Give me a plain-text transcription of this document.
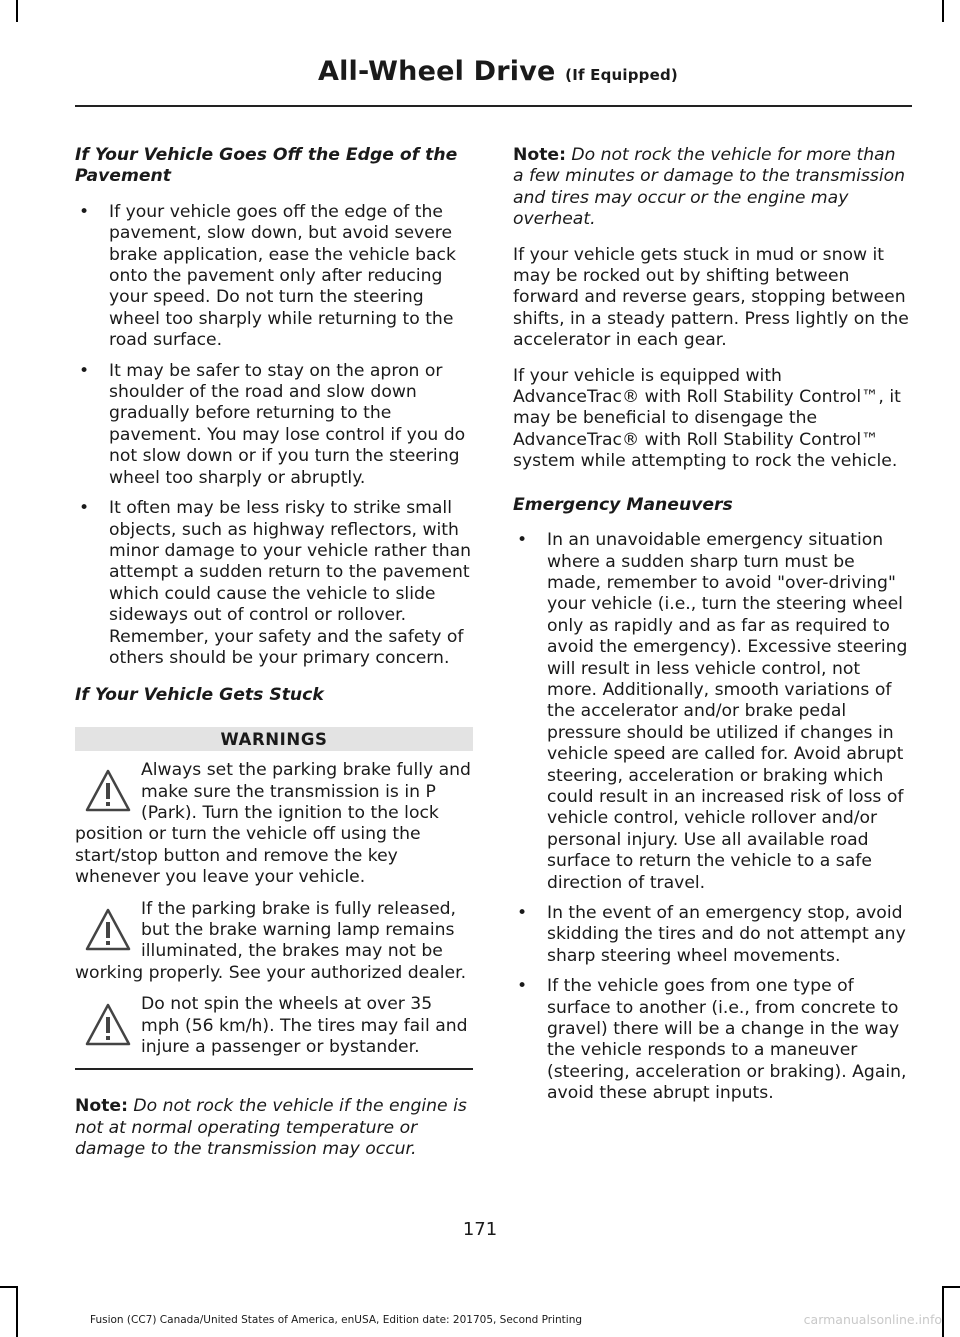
All-Wheel Drive (If Equipped)
If Your Vehicle Goes Off the Edge of the Pavement
• If your vehicle goes off the edge of the pavement, slow down, but avoid severe brake application, ease the vehicle back onto the pavement only after reducing your speed. Do not turn the steering wheel too sharply while returning to the road surface.
• It may be safer to stay on the apron or shoulder of the road and slow down gradually before returning to the pavement. You may lose control if you do not slow down or if you turn the steering wheel too sharply or abruptly.
• It often may be less risky to strike small objects, such as highway reflectors, with minor damage to your vehicle rather than attempt a sudden return to the pavement which could cause the vehicle to slide sideways out of control or rollover. Remember, your safety and the safety of others should be your primary concern.
If Your Vehicle Gets Stuck
WARNINGS
Always set the parking brake fully and make sure the transmission is in P (Park). Turn the ignition to the lock position or turn the vehicle off using the start/stop button and remove the key whenever you leave your vehicle.
If the parking brake is fully released, but the brake warning lamp remains illuminated, the brakes may not be working properly. See your authorized dealer.
Do not spin the wheels at over 35 mph (56 km/h). The tires may fail and injure a passenger or bystander.

Note: Do not rock the vehicle if the engine is not at normal operating temperature or damage to the transmission may occur.

Note: Do not rock the vehicle for more than a few minutes or damage to the transmission and tires may occur or the engine may overheat.

If your vehicle gets stuck in mud or snow it may be rocked out by shifting between forward and reverse gears, stopping between shifts, in a steady pattern. Press lightly on the accelerator in each gear.

If your vehicle is equipped with AdvanceTrac® with Roll Stability Control™, it may be beneficial to disengage the AdvanceTrac® with Roll Stability Control™ system while attempting to rock the vehicle.

Emergency Maneuvers
• In an unavoidable emergency situation where a sudden sharp turn must be made, remember to avoid "over-driving" your vehicle (i.e., turn the steering wheel only as rapidly and as far as required to avoid the emergency). Excessive steering will result in less vehicle control, not more. Additionally, smooth variations of the accelerator and/or brake pedal pressure should be utilized if changes in vehicle speed are called for. Avoid abrupt steering, acceleration or braking which could result in an increased risk of loss of vehicle control, vehicle rollover and/or personal injury. Use all available road surface to return the vehicle to a safe direction of travel.
• In the event of an emergency stop, avoid skidding the tires and do not attempt any sharp steering wheel movements.
• If the vehicle goes from one type of surface to another (i.e., from concrete to gravel) there will be a change in the way the vehicle responds to a maneuver (steering, acceleration or braking). Again, avoid these abrupt inputs.
171
Fusion (CC7) Canada/United States of America, enUSA, Edition date: 201705, Second Printing	carmanualsonline.info
